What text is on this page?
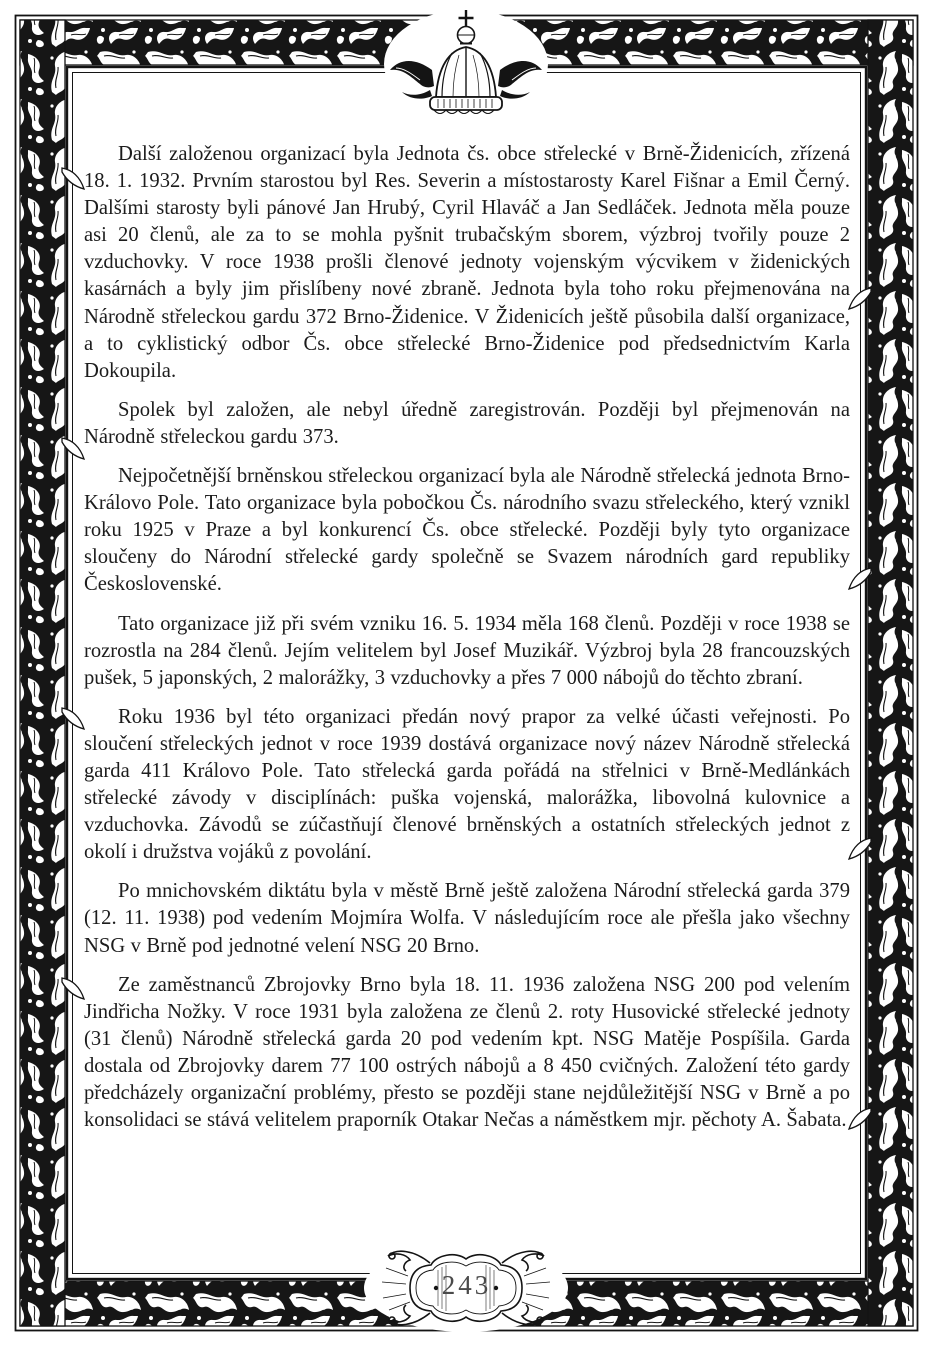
Další založenou organizací byla Jednota čs. obce střelecké v Brně-Židenicích, zřízená 18. 1. 1932. Prvním starostou byl Res. Severin a místostarosty Karel Fišnar a Emil Černý. Dalšími starosty byli pánové Jan Hrubý, Cyril Hlaváč a Jan Sedláček. Jednota měla pouze asi 20 členů, ale za to se mohla pyšnit trubačským sborem, výzbroj tvořily pouze 2 vzduchovky. V roce 1938 prošli členové jednoty vojenským výcvikem v židenických kasárnách a byly jim přislíbeny nové zbraně. Jednota byla toho roku přejmenována na Národně střeleckou gardu 372 Brno-Židenice. V Židenicích ještě působila další organizace, a to cyklistický odbor Čs. obce střelecké Brno-Židenice pod předsednictvím Karla Dokoupila.

Spolek byl založen, ale nebyl úředně zaregistrován. Později byl přejmenován na Národně střeleckou gardu 373.

Nejpočetnější brněnskou střeleckou organizací byla ale Národně střelecká jednota Brno-Královo Pole. Tato organizace byla pobočkou Čs. národního svazu střeleckého, který vznikl roku 1925 v Praze a byl konkurencí Čs. obce střelecké. Později byly tyto organizace sloučeny do Národní střelecké gardy společně se Svazem národních gard republiky Československé.

Tato organizace již při svém vzniku 16. 5. 1934 měla 168 členů. Později v roce 1938 se rozrostla na 284 členů. Jejím velitelem byl Josef Muzikář. Výzbroj byla 28 francouzských pušek, 5 japonských, 2 malorážky, 3 vzduchovky a přes 7 000 nábojů do těchto zbraní.

Roku 1936 byl této organizaci předán nový prapor za velké účasti veřejnosti. Po sloučení střeleckých jednot v roce 1939 dostává organizace nový název Národně střelecká garda 411 Královo Pole. Tato střelecká garda pořádá na střelnici v Brně-Medlánkách střelecké závody v disciplínách: puška vojenská, malorážka, libovolná kulovnice a vzduchovka. Závodů se zúčastňují členové brněnských a ostatních střeleckých jednot z okolí i družstva vojáků z povolání.

Po mnichovském diktátu byla v městě Brně ještě založena Národní střelecká garda 379 (12. 11. 1938) pod vedením Mojmíra Wolfa. V následujícím roce ale přešla jako všechny NSG v Brně pod jednotné velení NSG 20 Brno.

Ze zaměstnanců Zbrojovky Brno byla 18. 11. 1936 založena NSG 200 pod velením Jindřicha Nožky. V roce 1931 byla založena ze členů 2. roty Husovické střelecké jednoty (31 členů) Národně střelecká garda 20 pod vedením kpt. NSG Matěje Pospíšila. Garda dostala od Zbrojovky darem 77 100 ostrých nábojů a 8 450 cvičných. Založení této gardy předcházely organizační problémy, přesto se později stane nejdůležitější NSG v Brně a po konsolidaci se stává velitelem praporník Otakar Nečas a náměstkem mjr. pěchoty A. Šabata.

243
